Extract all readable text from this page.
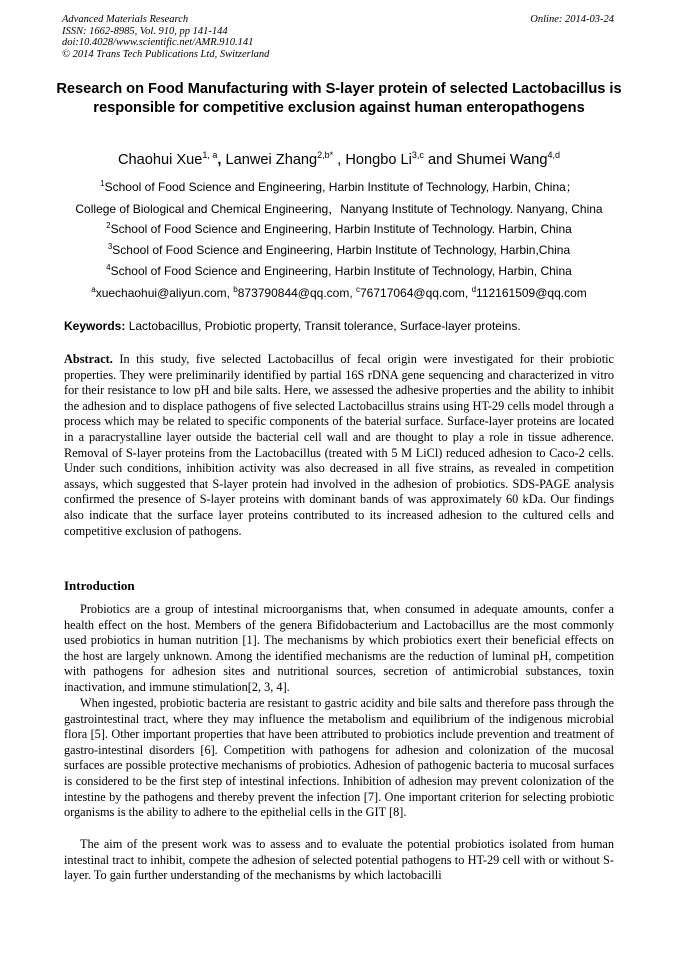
Advanced Materials Research
ISSN: 1662-8985, Vol. 910, pp 141-144
doi:10.4028/www.scientific.net/AMR.910.141
© 2014 Trans Tech Publications Ltd, Switzerland
Online: 2014-03-24
Research on Food Manufacturing with S-layer protein of selected Lactobacillus is responsible for competitive exclusion against human enteropathogens
Chaohui Xue$^{1, a}$, Lanwei Zhang$^{2,b*}$ , Hongbo Li$^{3,c}$ and Shumei Wang$^{4,d}$
$^1$School of Food Science and Engineering, Harbin Institute of Technology, Harbin, China；
College of Biological and Chemical Engineering，Nanyang Institute of Technology. Nanyang, China
$^2$School of Food Science and Engineering, Harbin Institute of Technology. Harbin, China
$^3$School of Food Science and Engineering, Harbin Institute of Technology, Harbin,China
$^4$School of Food Science and Engineering, Harbin Institute of Technology, Harbin, China
$^a$xuechaohui@aliyun.com, $^b$873790844@qq.com, $^c$76717064@qq.com, $^d$112161509@qq.com
Keywords: Lactobacillus, Probiotic property, Transit tolerance, Surface-layer proteins.

Abstract. In this study, five selected Lactobacillus of fecal origin were investigated for their probiotic properties. They were preliminarily identified by partial 16S rDNA gene sequencing and characterized in vitro for their resistance to low pH and bile salts. Here, we assessed the adhesive properties and the ability to inhibit the adhesion and to displace pathogens of five selected Lactobacillus strains using HT-29 cells model through a process which may be related to specific components of the baterial surface. Surface-layer proteins are located in a paracrystalline layer outside the bacterial cell wall and are thought to play a role in tissue adherence. Removal of S-layer proteins from the Lactobacillus (treated with 5 M LiCl) reduced adhesion to Caco-2 cells. Under such conditions, inhibition activity was also decreased in all five strains, as revealed in competition assays, which suggested that S-layer protein had involved in the adhesion of probiotics. SDS-PAGE analysis confirmed the presence of S-layer proteins with dominant bands of was approximately 60 kDa. Our findings also indicate that the surface layer proteins contributed to its increased adhesion to the cultured cells and competitive exclusion of pathogens.

Introduction

Probiotics are a group of intestinal microorganisms that, when consumed in adequate amounts, confer a health effect on the host. Members of the genera Bifidobacterium and Lactobacillus are the most commonly used probiotics in human nutrition [1]. The mechanisms by which probiotics exert their beneficial effects on the host are largely unknown. Among the identified mechanisms are the reduction of luminal pH, competition with pathogens for adhesion sites and nutritional sources, secretion of antimicrobial substances, toxin inactivation, and immune stimulation[2, 3, 4].

When ingested, probiotic bacteria are resistant to gastric acidity and bile salts and therefore pass through the gastrointestinal tract, where they may influence the metabolism and equilibrium of the indigenous microbial flora [5]. Other important properties that have been attributed to probiotics include prevention and treatment of gastro-intestinal disorders [6]. Competition with pathogens for adhesion and colonization of the mucosal surfaces are possible protective mechanisms of probiotics. Adhesion of pathogenic bacteria to mucosal surfaces is considered to be the first step of intestinal infections. Inhibition of adhesion may prevent colonization of the intestine by the pathogens and thereby prevent the infection [7]. One important criterion for selecting probiotic organisms is the ability to adhere to the epithelial cells in the GIT [8].

The aim of the present work was to assess and to evaluate the potential probiotics isolated from human intestinal tract to inhibit, compete the adhesion of selected potential pathogens to HT-29 cell with or without S-layer. To gain further understanding of the mechanisms by which lactobacilli
